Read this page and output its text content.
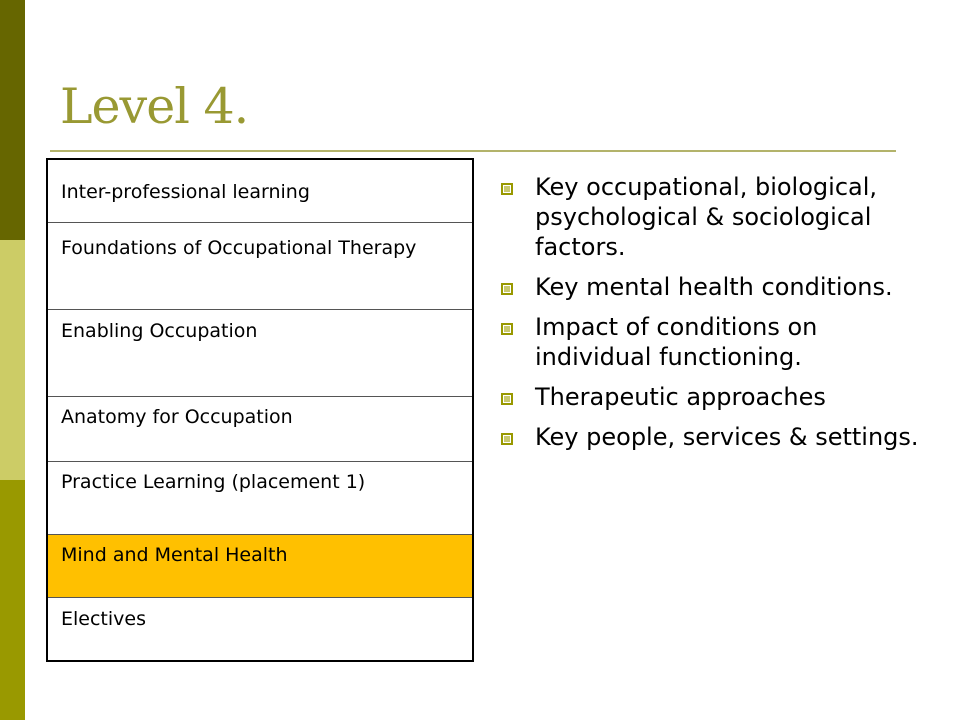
Level 4.
Inter-professional learning

Foundations of Occupational Therapy

Enabling Occupation

Anatomy for Occupation

Practice Learning (placement 1)

Mind and Mental Health

Electives
Key occupational, biological, psychological & sociological factors.
Key mental health conditions.
Impact of conditions on individual functioning.
Therapeutic approaches
Key people, services & settings.
